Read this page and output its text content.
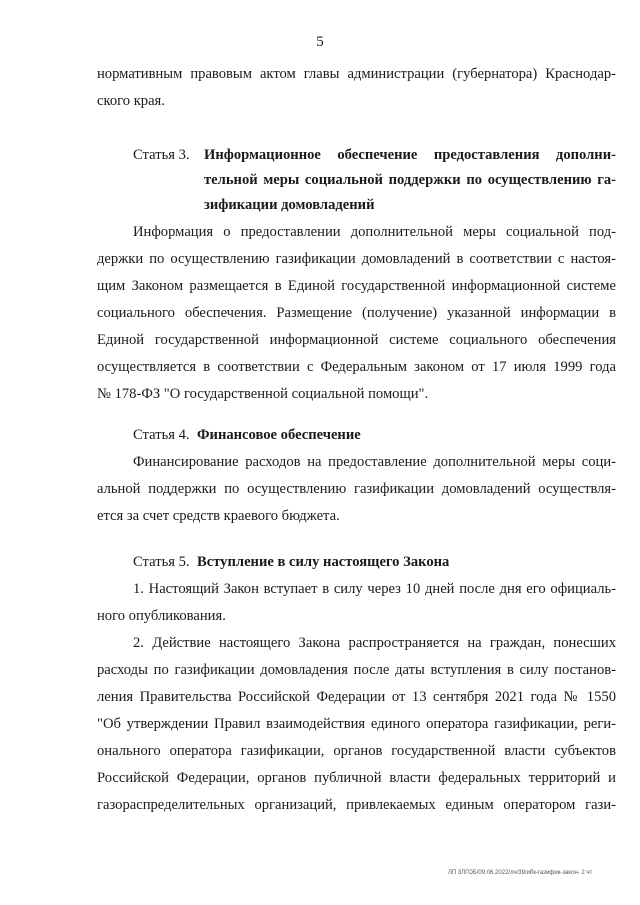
5
нормативным правовым актом главы администрации (губернатора) Краснодар-
ского края.
Статья 3. Информационное обеспечение предоставления дополни-
тельной меры социальной поддержки по осуществлению га-
зификации домовладений
Информация о предоставлении дополнительной меры социальной под-
держки по осуществлению газификации домовладений в соответствии с настоя-
щим Законом размещается в Единой государственной информационной системе
социального обеспечения. Размещение (получение) указанной информации в
Единой государственной информационной системе социального обеспечения
осуществляется в соответствии с Федеральным законом от 17 июля 1999 года
№ 178-ФЗ "О государственной социальной помощи".
Статья 4. Финансовое обеспечение
Финансирование расходов на предоставление дополнительной меры соци-
альной поддержки по осуществлению газификации домовладений осуществля-
ется за счет средств краевого бюджета.
Статья 5. Вступление в силу настоящего Закона
1. Настоящий Закон вступает в силу через 10 дней после дня его официаль-
ного опубликования.
2. Действие настоящего Закона распространяется на граждан, понесших
расходы по газификации домовладения после даты вступления в силу постанов-
ления Правительства Российской Федерации от 13 сентября 2021 года № 1550
"Об утверждении Правил взаимодействия единого оператора газификации, реги-
онального оператора газификации, органов государственной власти субъектов
Российской Федерации, органов публичной власти федеральных территорий и
газораспределительных организаций, привлекаемых единым оператором гази-
ЛП 3ЛГОБ/09.06.2022/лч/39/ибк-газифик-закон- 2 чт
